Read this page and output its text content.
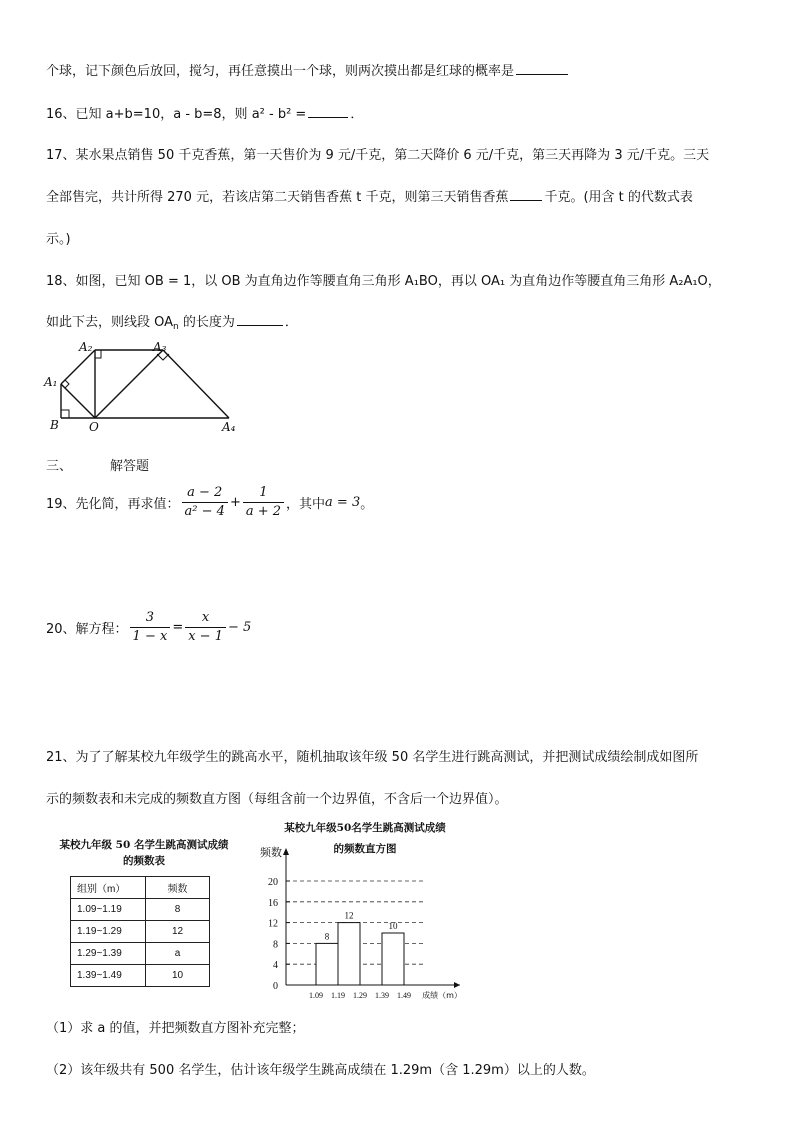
个球，记下颜色后放回，搅匀，再任意摸出一个球，则两次摸出都是红球的概率是
16、已知 a+b=10，a - b=8，则 a² - b² =	．
17、某水果点销售 50 千克香蕉，第一天售价为 9 元/千克，第二天降价 6 元/千克，第三天再降为 3 元/千克。三天
全部售完，共计所得 270 元，若该店第二天销售香蕉 t 千克，则第三天销售香蕉	千克。(用含 t 的代数式表
示。)
18、如图，已知 OB = 1，以 OB 为直角边作等腰直角三角形 A₁BO，再以 OA₁ 为直角边作等腰直角三角形 A₂A₁O，
如此下去，则线段 $OA_n$ 的长度为	．
A₂	A₃
A₁
B	O	A₄
三、	解答题
19、先化简，再求值： $\frac{a - 2}{\text{a² − 4}} + \frac{1}{a + 2}$ ，其中a = 3。
20、解方程： $\frac{3}{1 - x} = \frac{x}{x - 1} - 5$
21、为了了解某校九年级学生的跳高水平，随机抽取该年级 50 名学生进行跳高测试，并把测试成绩绘制成如图所
示的频数表和未完成的频数直方图（每组含前一个边界值，不含后一个边界值）。
某校九年级 50 名学生跳高测试成绩
的频数表
组别（m）	频数
1.09~1.19	8
1.19~1.29	12
1.29~1.39	a
1.39~1.49	10
某校九年级50名学生跳高测试成绩
的频数直方图
0
4
8
12
16
20
频数
1.09 1.19 1.29 1.39 1.49 成绩（m）
8
12
10
（1）求 a 的值，并把频数直方图补充完整；
（2）该年级共有 500 名学生，估计该年级学生跳高成绩在 1.29m（含 1.29m）以上的人数。
